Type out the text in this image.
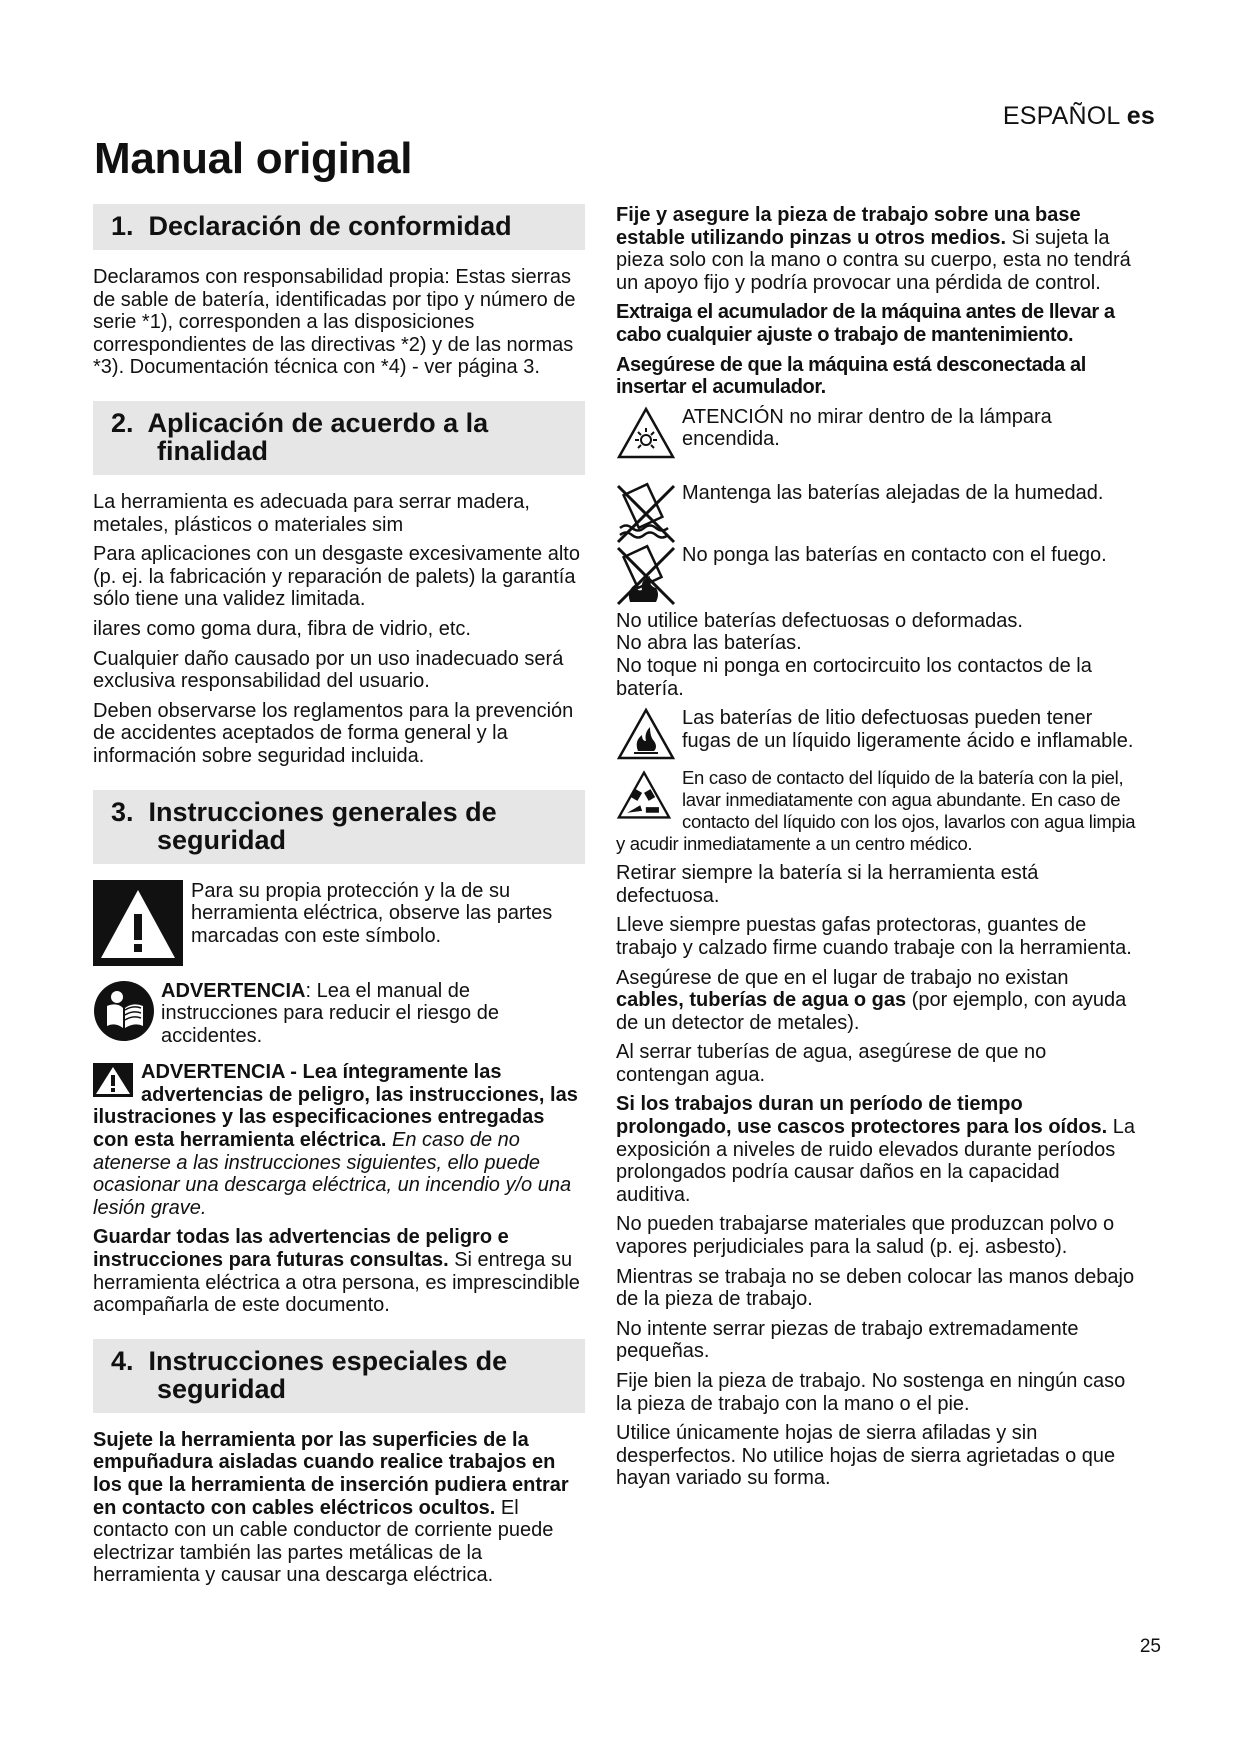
ESPAÑOL es
Manual original
1. Declaración de conformidad

Declaramos con responsabilidad propia: Estas sierras de sable de batería, identificadas por tipo y número de serie *1), corresponden a las disposiciones correspondientes de las directivas *2) y de las normas *3). Documentación técnica con *4) - ver página 3.

2. Aplicación de acuerdo a la
finalidad

La herramienta es adecuada para serrar madera, metales, plásticos o materiales sim

Para aplicaciones con un desgaste excesivamente alto (p. ej. la fabricación y reparación de palets) la garantía sólo tiene una validez limitada.

ilares como goma dura, fibra de vidrio, etc.

Cualquier daño causado por un uso inadecuado será exclusiva responsabilidad del usuario.

Deben observarse los reglamentos para la prevención de accidentes aceptados de forma general y la información sobre seguridad incluida.

3. Instrucciones generales de
seguridad
Para su propia protección y la de su herramienta eléctrica, observe las partes marcadas con este símbolo.
ADVERTENCIA: Lea el manual de instrucciones para reducir el riesgo de accidentes.

ADVERTENCIA - Lea íntegramente las advertencias de peligro, las instrucciones, las ilustraciones y las especificaciones entregadas con esta herramienta eléctrica. En caso de no atenerse a las instrucciones siguientes, ello puede ocasionar una descarga eléctrica, un incendio y/o una lesión grave.

Guardar todas las advertencias de peligro e instrucciones para futuras consultas. Si entrega su herramienta eléctrica a otra persona, es imprescindible acompañarla de este documento.

4. Instrucciones especiales de
seguridad

Sujete la herramienta por las superficies de la empuñadura aisladas cuando realice trabajos en los que la herramienta de inserción pudiera entrar en contacto con cables eléctricos ocultos. El contacto con un cable conductor de corriente puede electrizar también las partes metálicas de la herramienta y causar una descarga eléctrica.

Fije y asegure la pieza de trabajo sobre una base estable utilizando pinzas u otros medios. Si sujeta la pieza solo con la mano o contra su cuerpo, esta no tendrá un apoyo fijo y podría provocar una pérdida de control.

Extraiga el acumulador de la máquina antes de llevar a cabo cualquier ajuste o trabajo de mantenimiento.

Asegúrese de que la máquina está desconectada al insertar el acumulador.

ATENCIÓN no mirar dentro de la lámpara encendida.
Mantenga las baterías alejadas de la humedad.
No ponga las baterías en contacto con el fuego.
No utilice baterías defectuosas o deformadas.
No abra las baterías.

No toque ni ponga en cortocircuito los contactos de la batería.

Las baterías de litio defectuosas pueden tener fugas de un líquido ligeramente ácido e inflamable.

En caso de contacto del líquido de la batería con la piel, lavar inmediatamente con agua abundante. En caso de contacto del líquido con los ojos, lavarlos con agua limpia y acudir inmediatamente a un centro médico.

Retirar siempre la batería si la herramienta está defectuosa.

Lleve siempre puestas gafas protectoras, guantes de trabajo y calzado firme cuando trabaje con la herramienta.

Asegúrese de que en el lugar de trabajo no existan cables, tuberías de agua o gas (por ejemplo, con ayuda de un detector de metales).

Al serrar tuberías de agua, asegúrese de que no contengan agua.

Si los trabajos duran un período de tiempo prolongado, use cascos protectores para los oídos. La exposición a niveles de ruido elevados durante períodos prolongados podría causar daños en la capacidad auditiva.

No pueden trabajarse materiales que produzcan polvo o vapores perjudiciales para la salud (p. ej. asbesto).

Mientras se trabaja no se deben colocar las manos debajo de la pieza de trabajo.

No intente serrar piezas de trabajo extremadamente pequeñas.

Fije bien la pieza de trabajo. No sostenga en ningún caso la pieza de trabajo con la mano o el pie.

Utilice únicamente hojas de sierra afiladas y sin desperfectos. No utilice hojas de sierra agrietadas o que hayan variado su forma.

25
